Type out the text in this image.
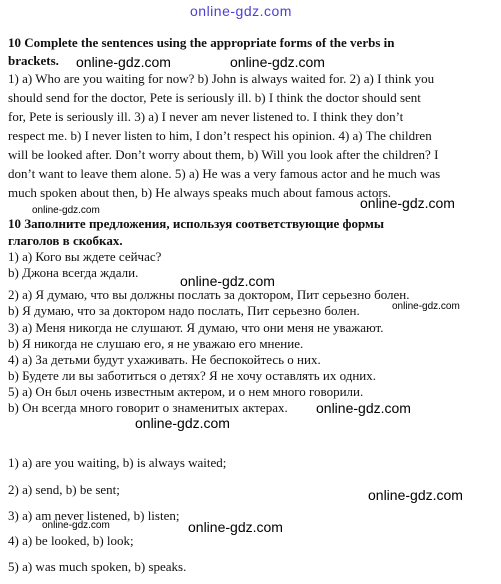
online-gdz.com
10 Complete the sentences using the appropriate forms of the verbs in
brackets.
1) a) Who are you waiting for now? b) John is always waited for. 2) a) I think you
should send for the doctor, Pete is seriously ill. b) I think the doctor should sent
for, Pete is seriously ill. 3) a) I never am never listened to. I think they don’t
respect me. b) I never listen to him, I don’t respect his opinion. 4) a) The children
will be looked after. Don’t worry about them, b) Will you look after the children? I
don’t want to leave them alone. 5) a) He was a very famous actor and he much was
much spoken about then, b) He always speaks much about famous actors.
10 Заполните предложения, используя соответствующие формы
глаголов в скобках.
1) а) Кого вы ждете сейчас?
b) Джона всегда ждали.
2) а) Я думаю, что вы должны послать за доктором, Пит серьезно болен.
b) Я думаю, что за доктором надо послать, Пит серьезно болен.
3) а) Меня никогда не слушают. Я думаю, что они меня не уважают.
b) Я никогда не слушаю его, я не уважаю его мнение.
4) а) За детьми будут ухаживать. Не беспокойтесь о них.
b) Будете ли вы заботиться о детях? Я не хочу оставлять их одних.
5) а) Он был очень известным актером, и о нем много говорили.
b) Он всегда много говорит о знаменитых актерах.
1) a) are you waiting, b) is always waited;
2) a) send, b) be sent;
3) a) am never listened, b) listen;
4) a) be looked, b) look;
5) a) was much spoken, b) speaks.
online-gdz.com	online-gdz.com
online-gdz.com
online-gdz.com
online-gdz.com
online-gdz.com
online-gdz.com
online-gdz.com
online-gdz.com
online-gdz.com	online-gdz.com
